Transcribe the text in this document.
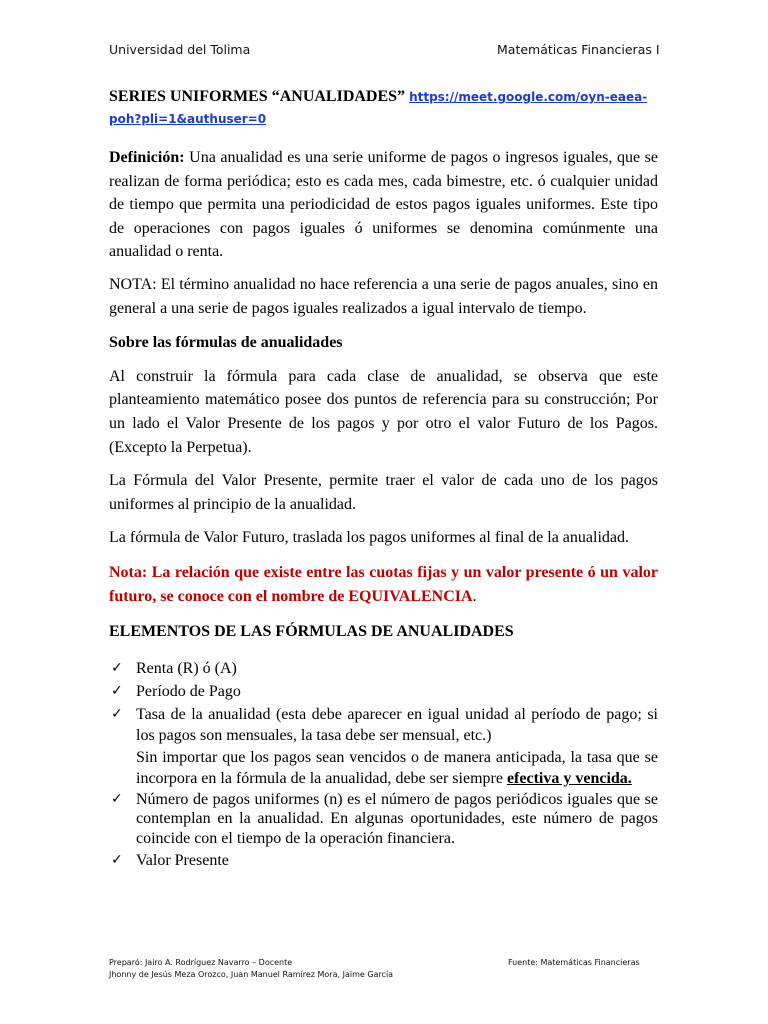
Universidad del Tolima	Matemáticas Financieras I
SERIES UNIFORMES “ANUALIDADES” https://meet.google.com/oyn-eaea-poh?pli=1&authuser=0

Definición: Una anualidad es una serie uniforme de pagos o ingresos iguales, que se realizan de forma periódica; esto es cada mes, cada bimestre, etc. ó cualquier unidad de tiempo que permita una periodicidad de estos pagos iguales uniformes. Este tipo de operaciones con pagos iguales ó uniformes se denomina comúnmente una anualidad o renta.

NOTA: El término anualidad no hace referencia a una serie de pagos anuales, sino en general a una serie de pagos iguales realizados a igual intervalo de tiempo.

Sobre las fórmulas de anualidades

Al construir la fórmula para cada clase de anualidad, se observa que este planteamiento matemático posee dos puntos de referencia para su construcción; Por un lado el Valor Presente de los pagos y por otro el valor Futuro de los Pagos.(Excepto la Perpetua).

La Fórmula del Valor Presente, permite traer el valor de cada uno de los pagos uniformes al principio de la anualidad.

La fórmula de Valor Futuro, traslada los pagos uniformes al final de la anualidad.

Nota: La relación que existe entre las cuotas fijas y un valor presente ó un valor futuro, se conoce con el nombre de EQUIVALENCIA.

ELEMENTOS DE LAS FÓRMULAS DE ANUALIDADES

✓ Renta (R) ó (A)
✓ Período de Pago
✓ Tasa de la anualidad (esta debe aparecer en igual unidad al período de pago; si los pagos son mensuales, la tasa debe ser mensual, etc.)
Sin importar que los pagos sean vencidos o de manera anticipada, la tasa que se incorpora en la fórmula de la anualidad, debe ser siempre efectiva y vencida.
✓ Número de pagos uniformes (n) es el número de pagos periódicos iguales que se contemplan en la anualidad. En algunas oportunidades, este número de pagos coincide con el tiempo de la operación financiera.
✓ Valor Presente
Preparó: Jairo A. Rodríguez Navarro – Docente
Jhonny de Jesús Meza Orozco, Juan Manuel Ramírez Mora, Jaime García
Fuente: Matemáticas Financieras
